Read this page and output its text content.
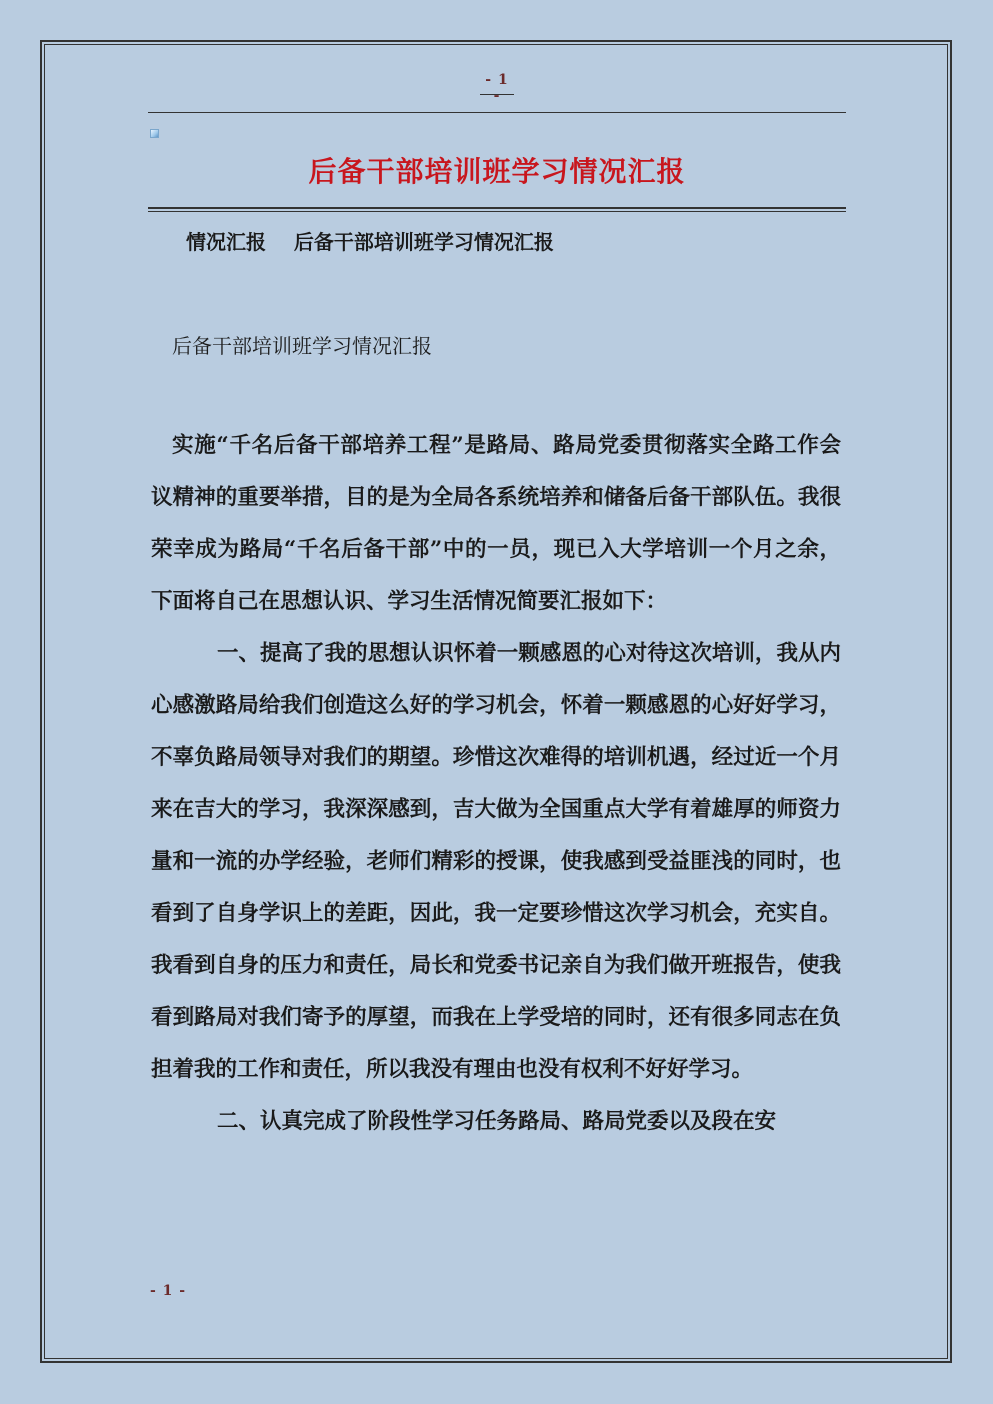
- 1 -
后备干部培训班学习情况汇报
情况汇报 后备干部培训班学习情况汇报
后备干部培训班学习情况汇报

实施“千名后备干部培养工程”是路局、路局党委贯彻落实全路工作会议精神的重要举措，目的是为全局各系统培养和储备后备干部队伍。我很荣幸成为路局“千名后备干部”中的一员，现已入大学培训一个月之余，下面将自己在思想认识、学习生活情况简要汇报如下：

一、提高了我的思想认识怀着一颗感恩的心对待这次培训，我从内心感激路局给我们创造这么好的学习机会，怀着一颗感恩的心好好学习，不辜负路局领导对我们的期望。珍惜这次难得的培训机遇，经过近一个月来在吉大的学习，我深深感到，吉大做为全国重点大学有着雄厚的师资力量和一流的办学经验，老师们精彩的授课，使我感到受益匪浅的同时，也看到了自身学识上的差距，因此，我一定要珍惜这次学习机会，充实自。我看到自身的压力和责任，局长和党委书记亲自为我们做开班报告，使我看到路局对我们寄予的厚望，而我在上学受培的同时，还有很多同志在负担着我的工作和责任，所以我没有理由也没有权利不好好学习。

二、认真完成了阶段性学习任务路局、路局党委以及段在安

- 1 -
